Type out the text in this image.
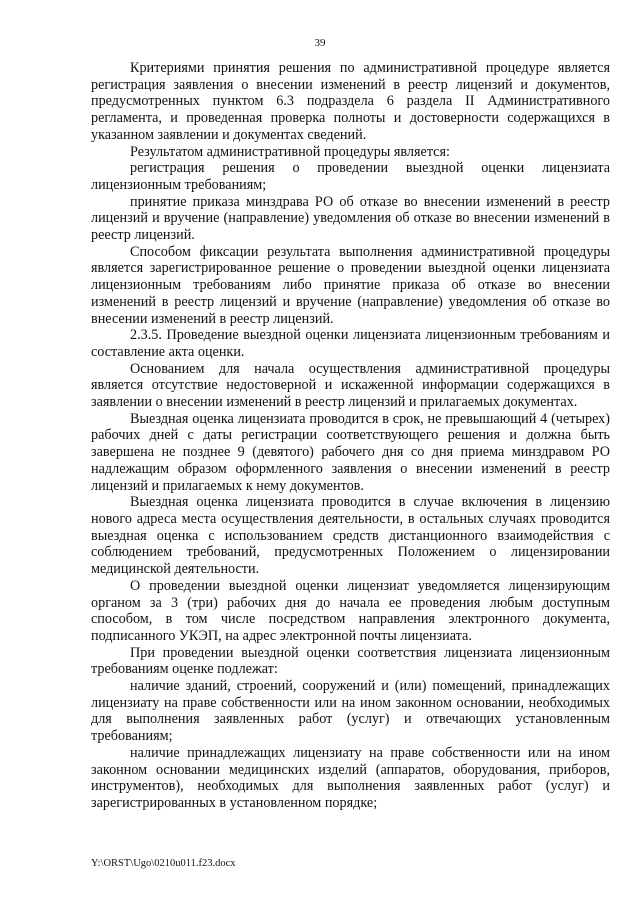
39

Критериями принятия решения по административной процедуре является регистрация заявления о внесении изменений в реестр лицензий и документов, предусмотренных пунктом 6.3 подраздела 6 раздела II Административного регламента, и проведенная проверка полноты и достоверности содержащихся в указанном заявлении и документах сведений.

Результатом административной процедуры является:

регистрация решения о проведении выездной оценки лицензиата лицензионным требованиям;

принятие приказа минздрава РО об отказе во внесении изменений в реестр лицензий и вручение (направление) уведомления об отказе во внесении изменений в реестр лицензий.

Способом фиксации результата выполнения административной процедуры является зарегистрированное решение о проведении выездной оценки лицензиата лицензионным требованиям либо принятие приказа об отказе во внесении изменений в реестр лицензий и вручение (направление) уведомления об отказе во внесении изменений в реестр лицензий.

2.3.5. Проведение выездной оценки лицензиата лицензионным требованиям и составление акта оценки.

Основанием для начала осуществления административной процедуры является отсутствие недостоверной и искаженной информации содержащихся в заявлении о внесении изменений в реестр лицензий и прилагаемых документах.

Выездная оценка лицензиата проводится в срок, не превышающий 4 (четырех) рабочих дней с даты регистрации соответствующего решения и должна быть завершена не позднее 9 (девятого) рабочего дня со дня приема минздравом РО надлежащим образом оформленного заявления о внесении изменений в реестр лицензий и прилагаемых к нему документов.

Выездная оценка лицензиата проводится в случае включения в лицензию нового адреса места осуществления деятельности, в остальных случаях проводится выездная оценка с использованием средств дистанционного взаимодействия с соблюдением требований, предусмотренных Положением о лицензировании медицинской деятельности.

О проведении выездной оценки лицензиат уведомляется лицензирующим органом за 3 (три) рабочих дня до начала ее проведения любым доступным способом, в том числе посредством направления электронного документа, подписанного УКЭП, на адрес электронной почты лицензиата.

При проведении выездной оценки соответствия лицензиата лицензионным требованиям оценке подлежат:

наличие зданий, строений, сооружений и (или) помещений, принадлежащих лицензиату на праве собственности или на ином законном основании, необходимых для выполнения заявленных работ (услуг) и отвечающих установленным требованиям;

наличие принадлежащих лицензиату на праве собственности или на ином законном основании медицинских изделий (аппаратов, оборудования, приборов, инструментов), необходимых для выполнения заявленных работ (услуг) и зарегистрированных в установленном порядке;

Y:\ORST\Ugo\0210u011.f23.docx
